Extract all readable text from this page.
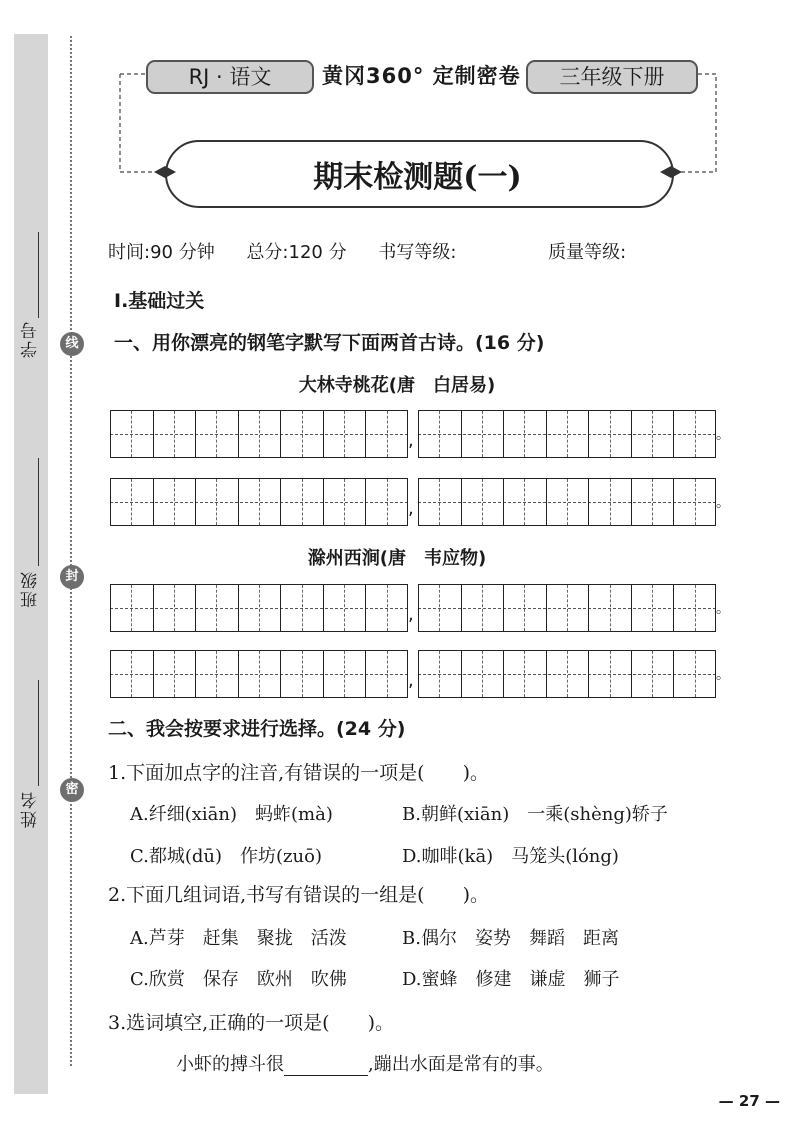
学号
班级
姓名
线
封
密
RJ · 语文	黄冈360° 定制密卷	三年级下册
期末检测题(一)
时间:90 分钟 总分:120 分 书写等级:	质量等级:
Ⅰ.基础过关
一、用你漂亮的钢笔字默写下面两首古诗。(16 分)
大林寺桃花(唐　白居易)
,	。
,	。
,	。
,	。
滁州西涧(唐　韦应物)
二、我会按要求进行选择。(24 分)
1.下面加点字的注音,有错误的一项是(　　)。
A.纤细(xiān)　蚂蚱(mà)	B.朝鲜(xiān)　一乘(shèng)轿子
C.都城(dū)　作坊(zuō)	D.咖啡(kā)　马笼头(lóng)
2.下面几组词语,书写有错误的一组是(　　)。
A.芦芽　赶集　聚拢　活泼	B.偶尔　姿势　舞蹈　距离
C.欣赏　保存　欧州　吹佛	D.蜜蜂　修建　谦虚　狮子
3.选词填空,正确的一项是(　　)。
小虾的搏斗很	,蹦出水面是常有的事。
— 27 —
